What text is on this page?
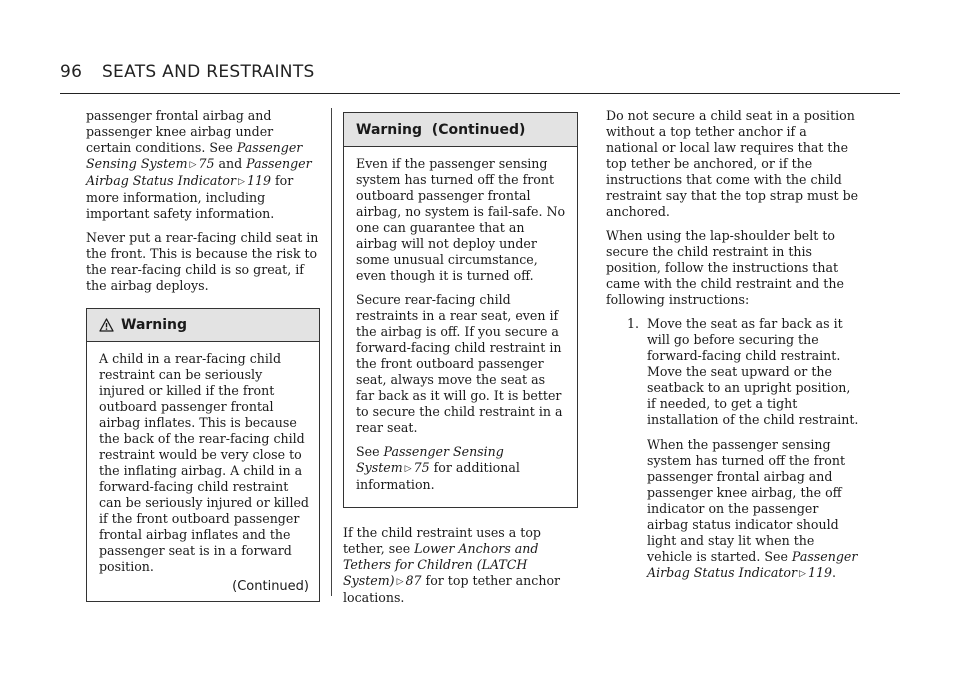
96 SEATS AND RESTRAINTS

passenger frontal airbag and passenger knee airbag under certain conditions. See Passenger Sensing System ▷ 75 and Passenger Airbag Status Indicator ▷ 119 for more information, including important safety information.

Never put a rear-facing child seat in the front. This is because the risk to the rear-facing child is so great, if the airbag deploys.

Warning

A child in a rear-facing child restraint can be seriously injured or killed if the front outboard passenger frontal airbag inflates. This is because the back of the rear-facing child restraint would be very close to the inflating airbag. A child in a forward-facing child restraint can be seriously injured or killed if the front outboard passenger frontal airbag inflates and the passenger seat is in a forward position.

(Continued)
Warning  (Continued)

Even if the passenger sensing system has turned off the front outboard passenger frontal airbag, no system is fail-safe. No one can guarantee that an airbag will not deploy under some unusual circumstance, even though it is turned off.

Secure rear-facing child restraints in a rear seat, even if the airbag is off. If you secure a forward-facing child restraint in the front outboard passenger seat, always move the seat as far back as it will go. It is better to secure the child restraint in a rear seat.

See Passenger Sensing System ▷ 75 for additional information.

If the child restraint uses a top tether, see Lower Anchors and Tethers for Children (LATCH System) ▷ 87 for top tether anchor locations.

Do not secure a child seat in a position without a top tether anchor if a national or local law requires that the top tether be anchored, or if the instructions that come with the child restraint say that the top strap must be anchored.

When using the lap-shoulder belt to secure the child restraint in this position, follow the instructions that came with the child restraint and the following instructions:

1. Move the seat as far back as it will go before securing the forward-facing child restraint. Move the seat upward or the seatback to an upright position, if needed, to get a tight installation of the child restraint.

When the passenger sensing system has turned off the front passenger frontal airbag and passenger knee airbag, the off indicator on the passenger airbag status indicator should light and stay lit when the vehicle is started. See Passenger Airbag Status Indicator ▷ 119.
